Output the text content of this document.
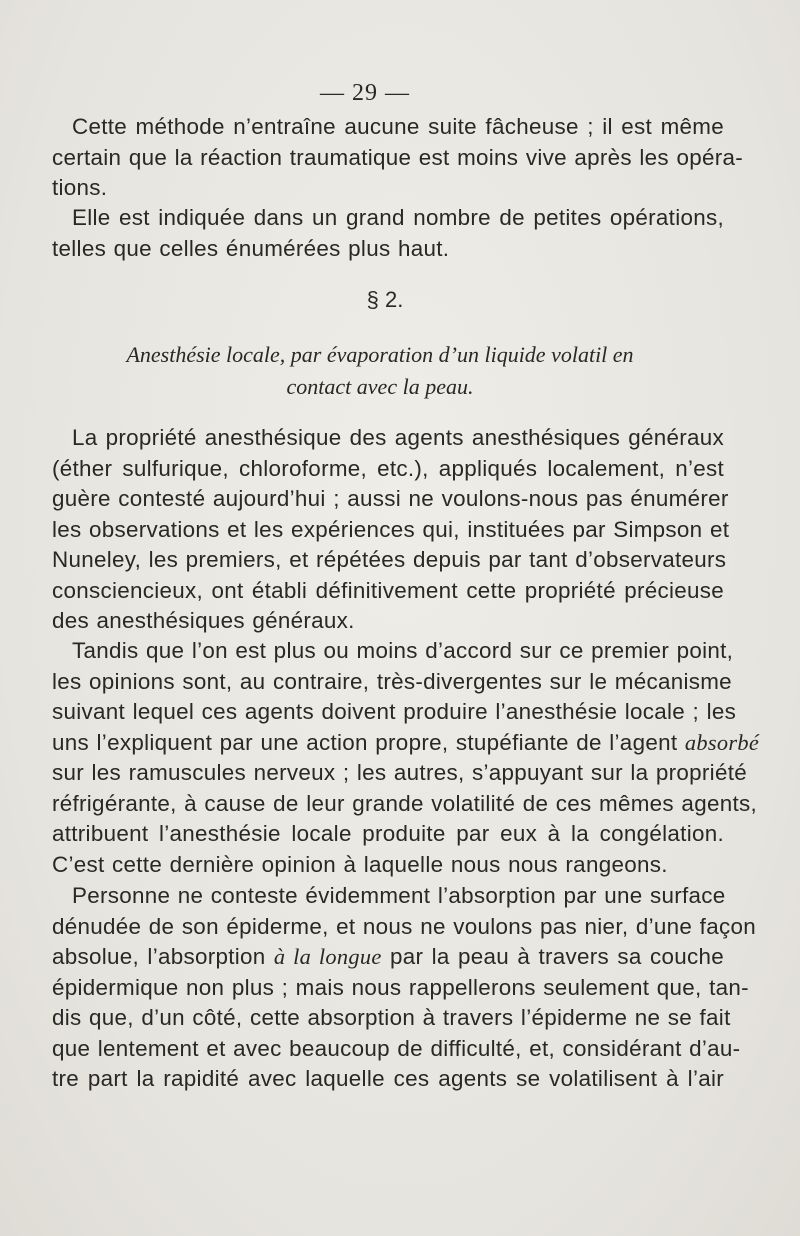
— 29 —
Cette méthode n’entraîne aucune suite fâcheuse ; il est même
certain que la réaction traumatique est moins vive après les opéra-
tions.
Elle est indiquée dans un grand nombre de petites opérations,
telles que celles énumérées plus haut.
§ 2.
Anesthésie locale, par évaporation d’un liquide volatil en
contact avec la peau.
La propriété anesthésique des agents anesthésiques généraux
(éther sulfurique, chloroforme, etc.), appliqués localement, n’est
guère contesté aujourd’hui ; aussi ne voulons-nous pas énumérer
les observations et les expériences qui, instituées par Simpson et
Nuneley, les premiers, et répétées depuis par tant d’observateurs
consciencieux, ont établi définitivement cette propriété précieuse
des anesthésiques généraux.
Tandis que l’on est plus ou moins d’accord sur ce premier point,
les opinions sont, au contraire, très-divergentes sur le mécanisme
suivant lequel ces agents doivent produire l’anesthésie locale ; les
uns l’expliquent par une action propre, stupéfiante de l’agent absorbé
sur les ramuscules nerveux ; les autres, s’appuyant sur la propriété
réfrigérante, à cause de leur grande volatilité de ces mêmes agents,
attribuent l’anesthésie locale produite par eux à la congélation.
C’est cette dernière opinion à laquelle nous nous rangeons.
Personne ne conteste évidemment l’absorption par une surface
dénudée de son épiderme, et nous ne voulons pas nier, d’une façon
absolue, l’absorption à la longue par la peau à travers sa couche
épidermique non plus ; mais nous rappellerons seulement que, tan-
dis que, d’un côté, cette absorption à travers l’épiderme ne se fait
que lentement et avec beaucoup de difficulté, et, considérant d’au-
tre part la rapidité avec laquelle ces agents se volatilisent à l’air
